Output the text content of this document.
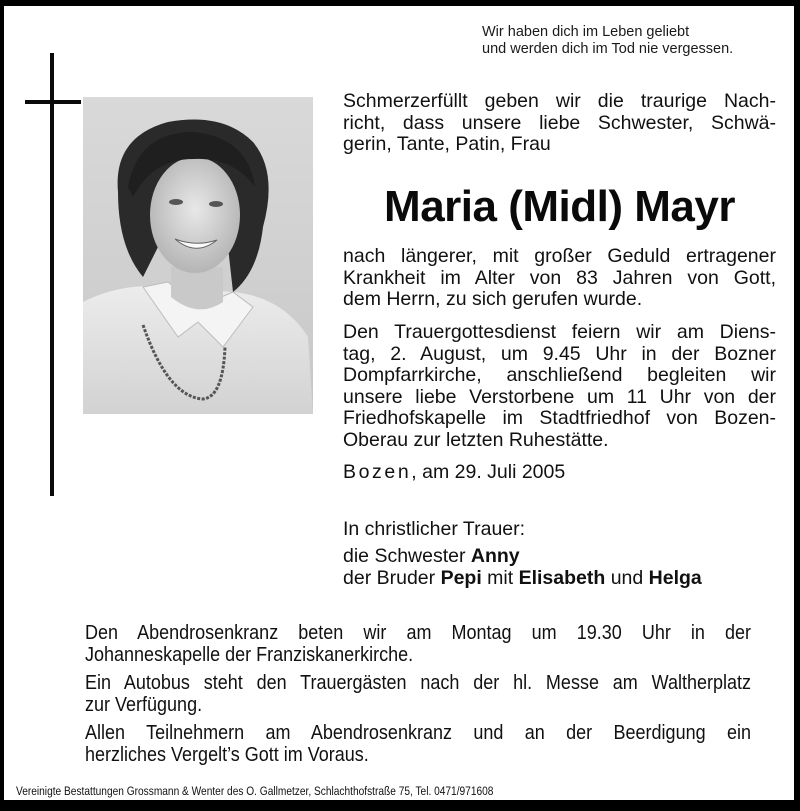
Wir haben dich im Leben geliebt
und werden dich im Tod nie vergessen.
Schmerzerfüllt geben wir die traurige Nach-
richt, dass unsere liebe Schwester, Schwä-
gerin, Tante, Patin, Frau
Maria (Midl) Mayr
nach längerer, mit großer Geduld ertragener
Krankheit im Alter von 83 Jahren von Gott,
dem Herrn, zu sich gerufen wurde.
Den Trauergottesdienst feiern wir am Diens-
tag, 2. August, um 9.45 Uhr in der Bozner
Dompfarrkirche, anschließend begleiten wir
unsere liebe Verstorbene um 11 Uhr von der
Friedhofskapelle im Stadtfriedhof von Bozen-
Oberau zur letzten Ruhestätte.
Bozen, am 29. Juli 2005
In christlicher Trauer:
die Schwester Anny
der Bruder Pepi mit Elisabeth und Helga
Den Abendrosenkranz beten wir am Montag um 19.30 Uhr in der
Johanneskapelle der Franziskanerkirche.
Ein Autobus steht den Trauergästen nach der hl. Messe am Waltherplatz
zur Verfügung.
Allen Teilnehmern am Abendrosenkranz und an der Beerdigung ein
herzliches Vergelt’s Gott im Voraus.
Vereinigte Bestattungen Grossmann & Wenter des O. Gallmetzer, Schlachthofstraße 75, Tel. 0471/971608
